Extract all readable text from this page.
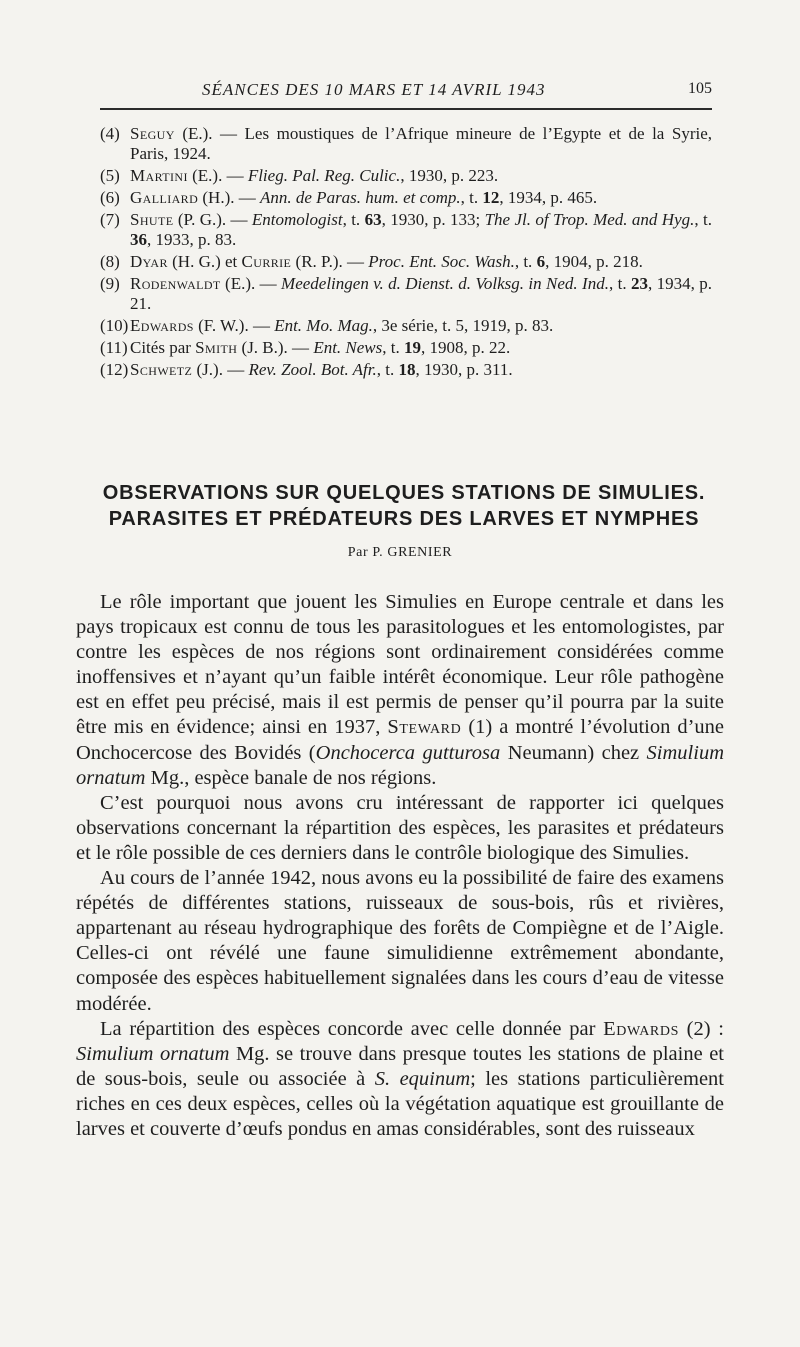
SÉANCES DES 10 MARS ET 14 AVRIL 1943	105
(4) Seguy (E.). — Les moustiques de l’Afrique mineure de l’Egypte et de la Syrie, Paris, 1924.
(5) Martini (E.). — Flieg. Pal. Reg. Culic., 1930, p. 223.
(6) Galliard (H.). — Ann. de Paras. hum. et comp., t. 12, 1934, p. 465.
(7) Shute (P. G.). — Entomologist, t. 63, 1930, p. 133; The Jl. of Trop. Med. and Hyg., t. 36, 1933, p. 83.
(8) Dyar (H. G.) et Currie (R. P.). — Proc. Ent. Soc. Wash., t. 6, 1904, p. 218.
(9) Rodenwaldt (E.). — Meedelingen v. d. Dienst. d. Volksg. in Ned. Ind., t. 23, 1934, p. 21.
(10) Edwards (F. W.). — Ent. Mo. Mag., 3e série, t. 5, 1919, p. 83.
(11) Cités par Smith (J. B.). — Ent. News, t. 19, 1908, p. 22.
(12) Schwetz (J.). — Rev. Zool. Bot. Afr., t. 18, 1930, p. 311.
OBSERVATIONS SUR QUELQUES STATIONS DE SIMULIES.
PARASITES ET PRÉDATEURS DES LARVES ET NYMPHES
Par P. GRENIER

Le rôle important que jouent les Simulies en Europe centrale et dans les pays tropicaux est connu de tous les parasitologues et les entomologistes, par contre les espèces de nos régions sont ordinairement considérées comme inoffensives et n’ayant qu’un faible intérêt économique. Leur rôle pathogène est en effet peu précisé, mais il est permis de penser qu’il pourra par la suite être mis en évidence; ainsi en 1937, Steward (1) a montré l’évolution d’une Onchocercose des Bovidés (Onchocerca gutturosa Neumann) chez Simulium ornatum Mg., espèce banale de nos régions.

C’est pourquoi nous avons cru intéressant de rapporter ici quelques observations concernant la répartition des espèces, les parasites et prédateurs et le rôle possible de ces derniers dans le contrôle biologique des Simulies.

Au cours de l’année 1942, nous avons eu la possibilité de faire des examens répétés de différentes stations, ruisseaux de sous-bois, rûs et rivières, appartenant au réseau hydrographique des forêts de Compiègne et de l’Aigle. Celles-ci ont révélé une faune simulidienne extrêmement abondante, composée des espèces habituellement signalées dans les cours d’eau de vitesse modérée.

La répartition des espèces concorde avec celle donnée par Edwards (2) : Simulium ornatum Mg. se trouve dans presque toutes les stations de plaine et de sous-bois, seule ou associée à S. equinum; les stations particulièrement riches en ces deux espèces, celles où la végétation aquatique est grouillante de larves et couverte d’œufs pondus en amas considérables, sont des ruisseaux
